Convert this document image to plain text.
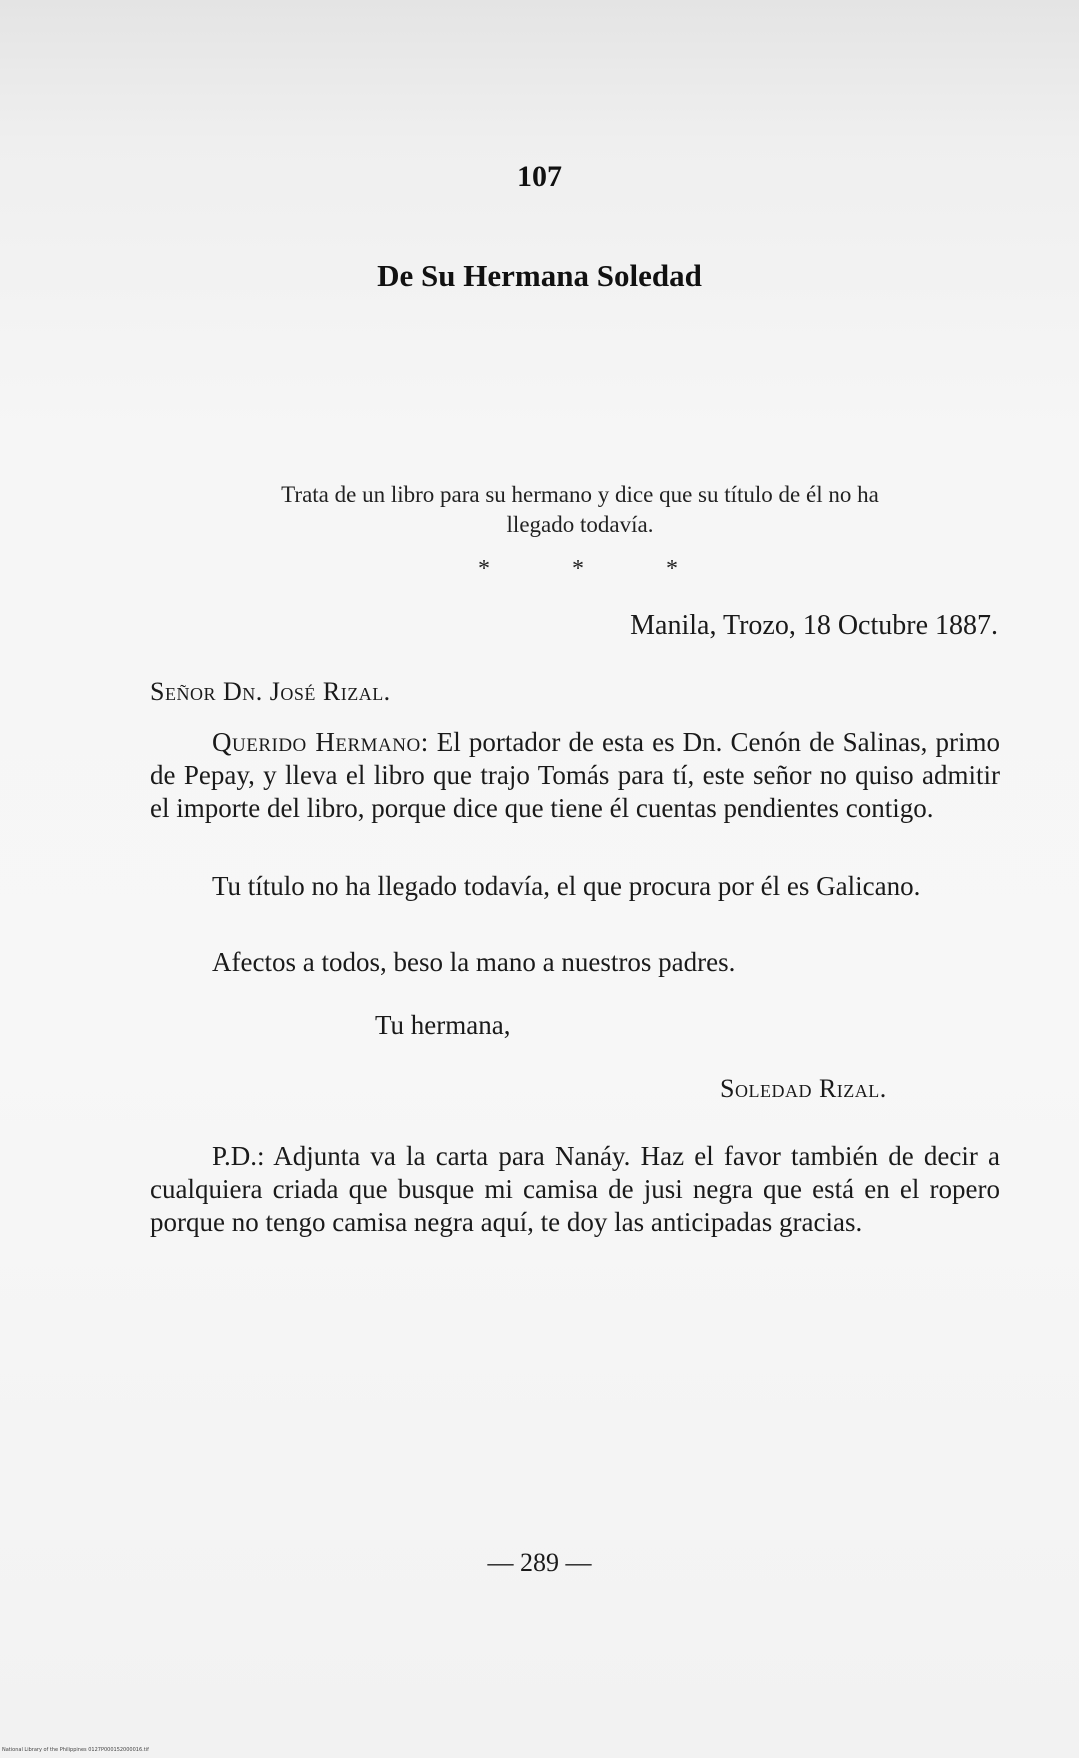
107
De Su Hermana Soledad
Trata de un libro para su hermano y dice que su título de él no ha llegado todavía.
*	*	*
Manila, Trozo, 18 Octubre 1887.
Señor Dn. José Rizal.

Querido Hermano: El portador de esta es Dn. Cenón de Salinas, primo de Pepay, y lleva el libro que trajo Tomás para tí, este señor no quiso admitir el importe del libro, porque dice que tiene él cuentas pendientes contigo.

Tu título no ha llegado todavía, el que procura por él es Galicano.

Afectos a todos, beso la mano a nuestros padres.

Tu hermana,
Soledad Rizal.

P.D.: Adjunta va la carta para Nanáy. Haz el favor también de decir a cualquiera criada que busque mi camisa de jusi negra que está en el ropero porque no tengo camisa negra aquí, te doy las anticipadas gracias.

— 289 —
National Library of the Philippines 0127P000152000016.tif
